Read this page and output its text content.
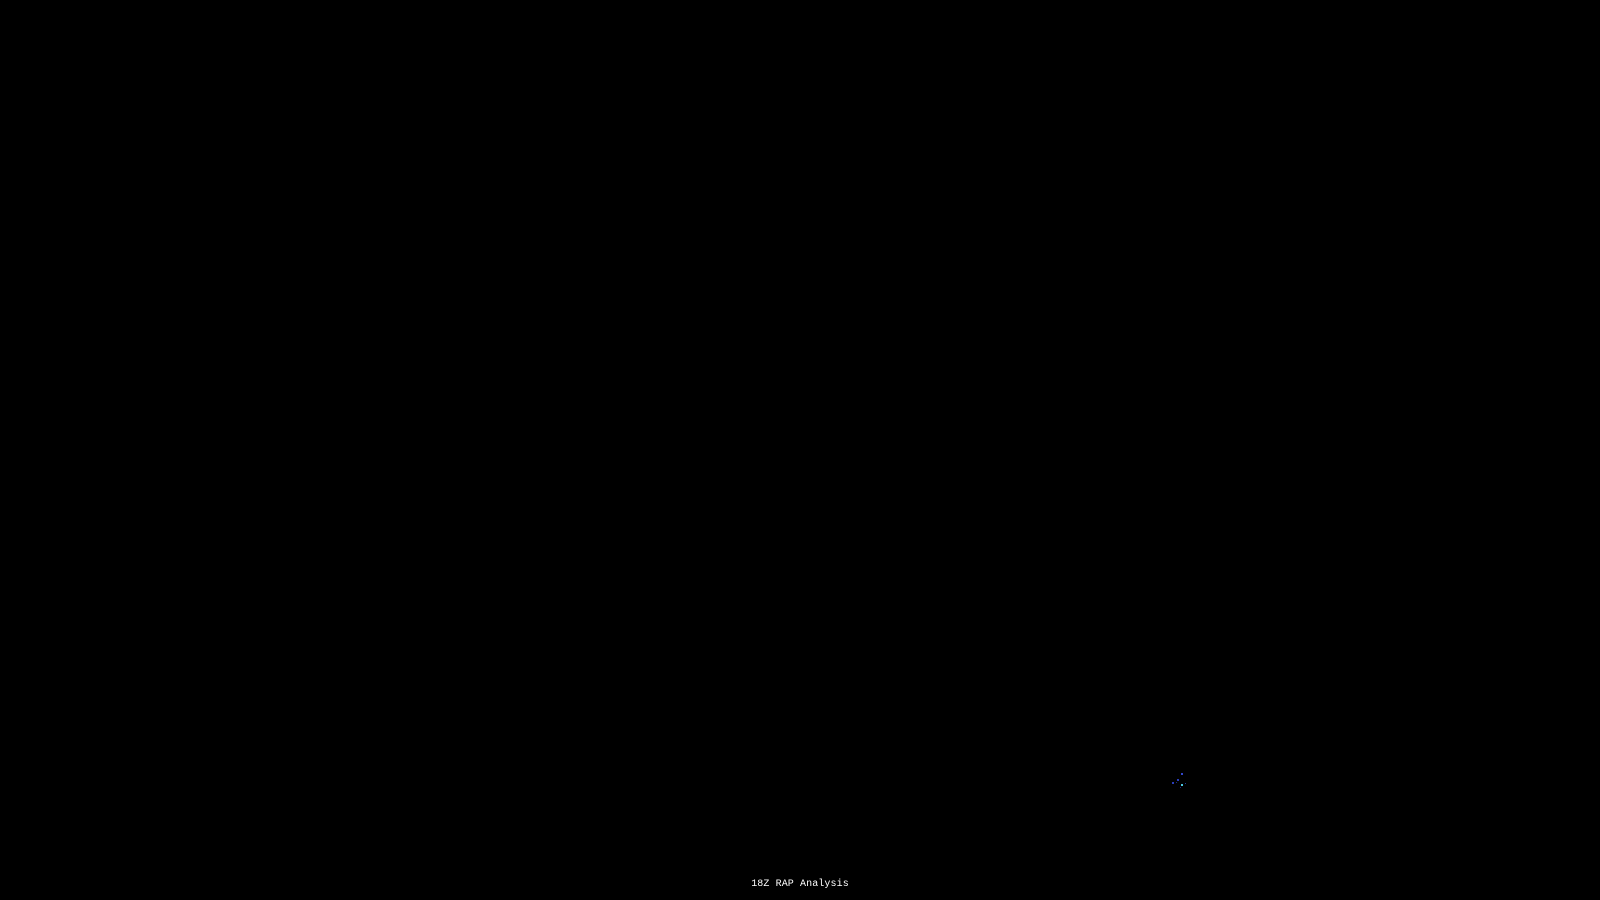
18Z RAP Analysis
